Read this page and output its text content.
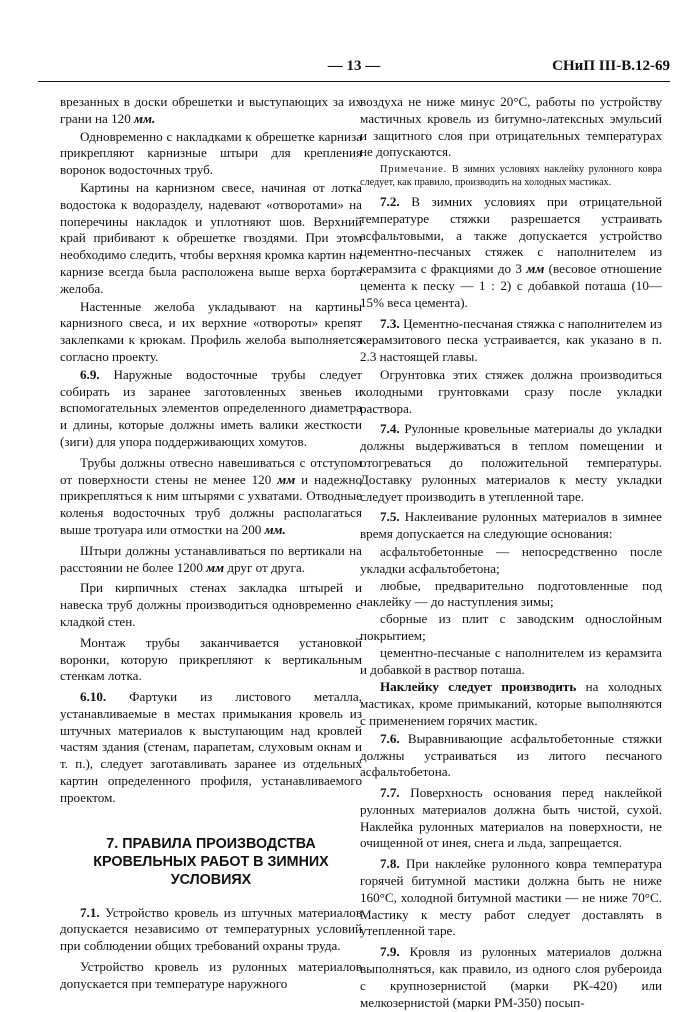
— 13 —	СНиП III-В.12-69

врезанных в доски обрешетки и выступающих за их грани на 120 мм.

Одновременно с накладками к обрешетке карниза прикрепляют карнизные штыри для крепления воронок водосточных труб.

Картины на карнизном свесе, начиная от лотка водостока к водоразделу, надевают «отворотами» на поперечины накладок и уплотняют шов. Верхний край прибивают к обрешетке гвоздями. При этом необходимо следить, чтобы верхняя кромка картин на карнизе всегда была расположена выше верха борта желоба.

Настенные желоба укладывают на картины карнизного свеса, и их верхние «отвороты» крепят заклепками к крюкам. Профиль желоба выполняется согласно проекту.

6.9. Наружные водосточные трубы следует собирать из заранее заготовленных звеньев и вспомогательных элементов определенного диаметра и длины, которые должны иметь валики жесткости (зиги) для упора поддерживающих хомутов.

Трубы должны отвесно навешиваться с отступом от поверхности стены не менее 120 мм и надежно прикрепляться к ним штырями с ухватами. Отводные коленья водосточных труб должны располагаться выше тротуара или отмостки на 200 мм.

Штыри должны устанавливаться по вертикали на расстоянии не более 1200 мм друг от друга.

При кирпичных стенах закладка штырей и навеска труб должны производиться одновременно с кладкой стен.

Монтаж трубы заканчивается установкой воронки, которую прикрепляют к вертикальным стенкам лотка.

6.10. Фартуки из листового металла, устанавливаемые в местах примыкания кровель из штучных материалов к выступающим над кровлей частям здания (стенам, парапетам, слуховым окнам и т. п.), следует заготавливать заранее из отдельных картин определенного профиля, устанавливаемого проектом.

7. ПРАВИЛА ПРОИЗВОДСТВА КРОВЕЛЬНЫХ РАБОТ В ЗИМНИХ УСЛОВИЯХ

7.1. Устройство кровель из штучных материалов допускается независимо от температурных условий при соблюдении общих требований охраны труда.

Устройство кровель из рулонных материалов допускается при температуре наружного

воздуха не ниже минус 20°С, работы по устройству мастичных кровель из битумно-латексных эмульсий и защитного слоя при отрицательных температурах не допускаются.

Примечание. В зимних условиях наклейку рулонного ковра следует, как правило, производить на холодных мастиках.

7.2. В зимних условиях при отрицательной температуре стяжки разрешается устраивать асфальтовыми, а также допускается устройство цементно-песчаных стяжек с наполнителем из керамзита с фракциями до 3 мм (весовое отношение цемента к песку — 1 : 2) с добавкой поташа (10—15% веса цемента).

7.3. Цементно-песчаная стяжка с наполнителем из керамзитового песка устраивается, как указано в п. 2.3 настоящей главы.

Огрунтовка этих стяжек должна производиться холодными грунтовками сразу после укладки раствора.

7.4. Рулонные кровельные материалы до укладки должны выдерживаться в теплом помещении и отогреваться до положительной температуры. Доставку рулонных материалов к месту укладки следует производить в утепленной таре.

7.5. Наклеивание рулонных материалов в зимнее время допускается на следующие основания:

асфальтобетонные — непосредственно после укладки асфальтобетона;

любые, предварительно подготовленные под наклейку — до наступления зимы;

сборные из плит с заводским однослойным покрытием;

цементно-песчаные с наполнителем из керамзита и добавкой в раствор поташа.

Наклейку следует производить на холодных мастиках, кроме примыканий, которые выполняются с применением горячих мастик.

7.6. Выравнивающие асфальтобетонные стяжки должны устраиваться из литого песчаного асфальтобетона.

7.7. Поверхность основания перед наклейкой рулонных материалов должна быть чистой, сухой. Наклейка рулонных материалов на поверхности, не очищенной от инея, снега и льда, запрещается.

7.8. При наклейке рулонного ковра температура горячей битумной мастики должна быть не ниже 160°С, холодной битумной мастики — не ниже 70°С. Мастику к месту работ следует доставлять в утепленной таре.

7.9. Кровля из рулонных материалов должна выполняться, как правило, из одного слоя рубероида с крупнозернистой (марки РК-420) или мелкозернистой (марки РМ-350) посып-
